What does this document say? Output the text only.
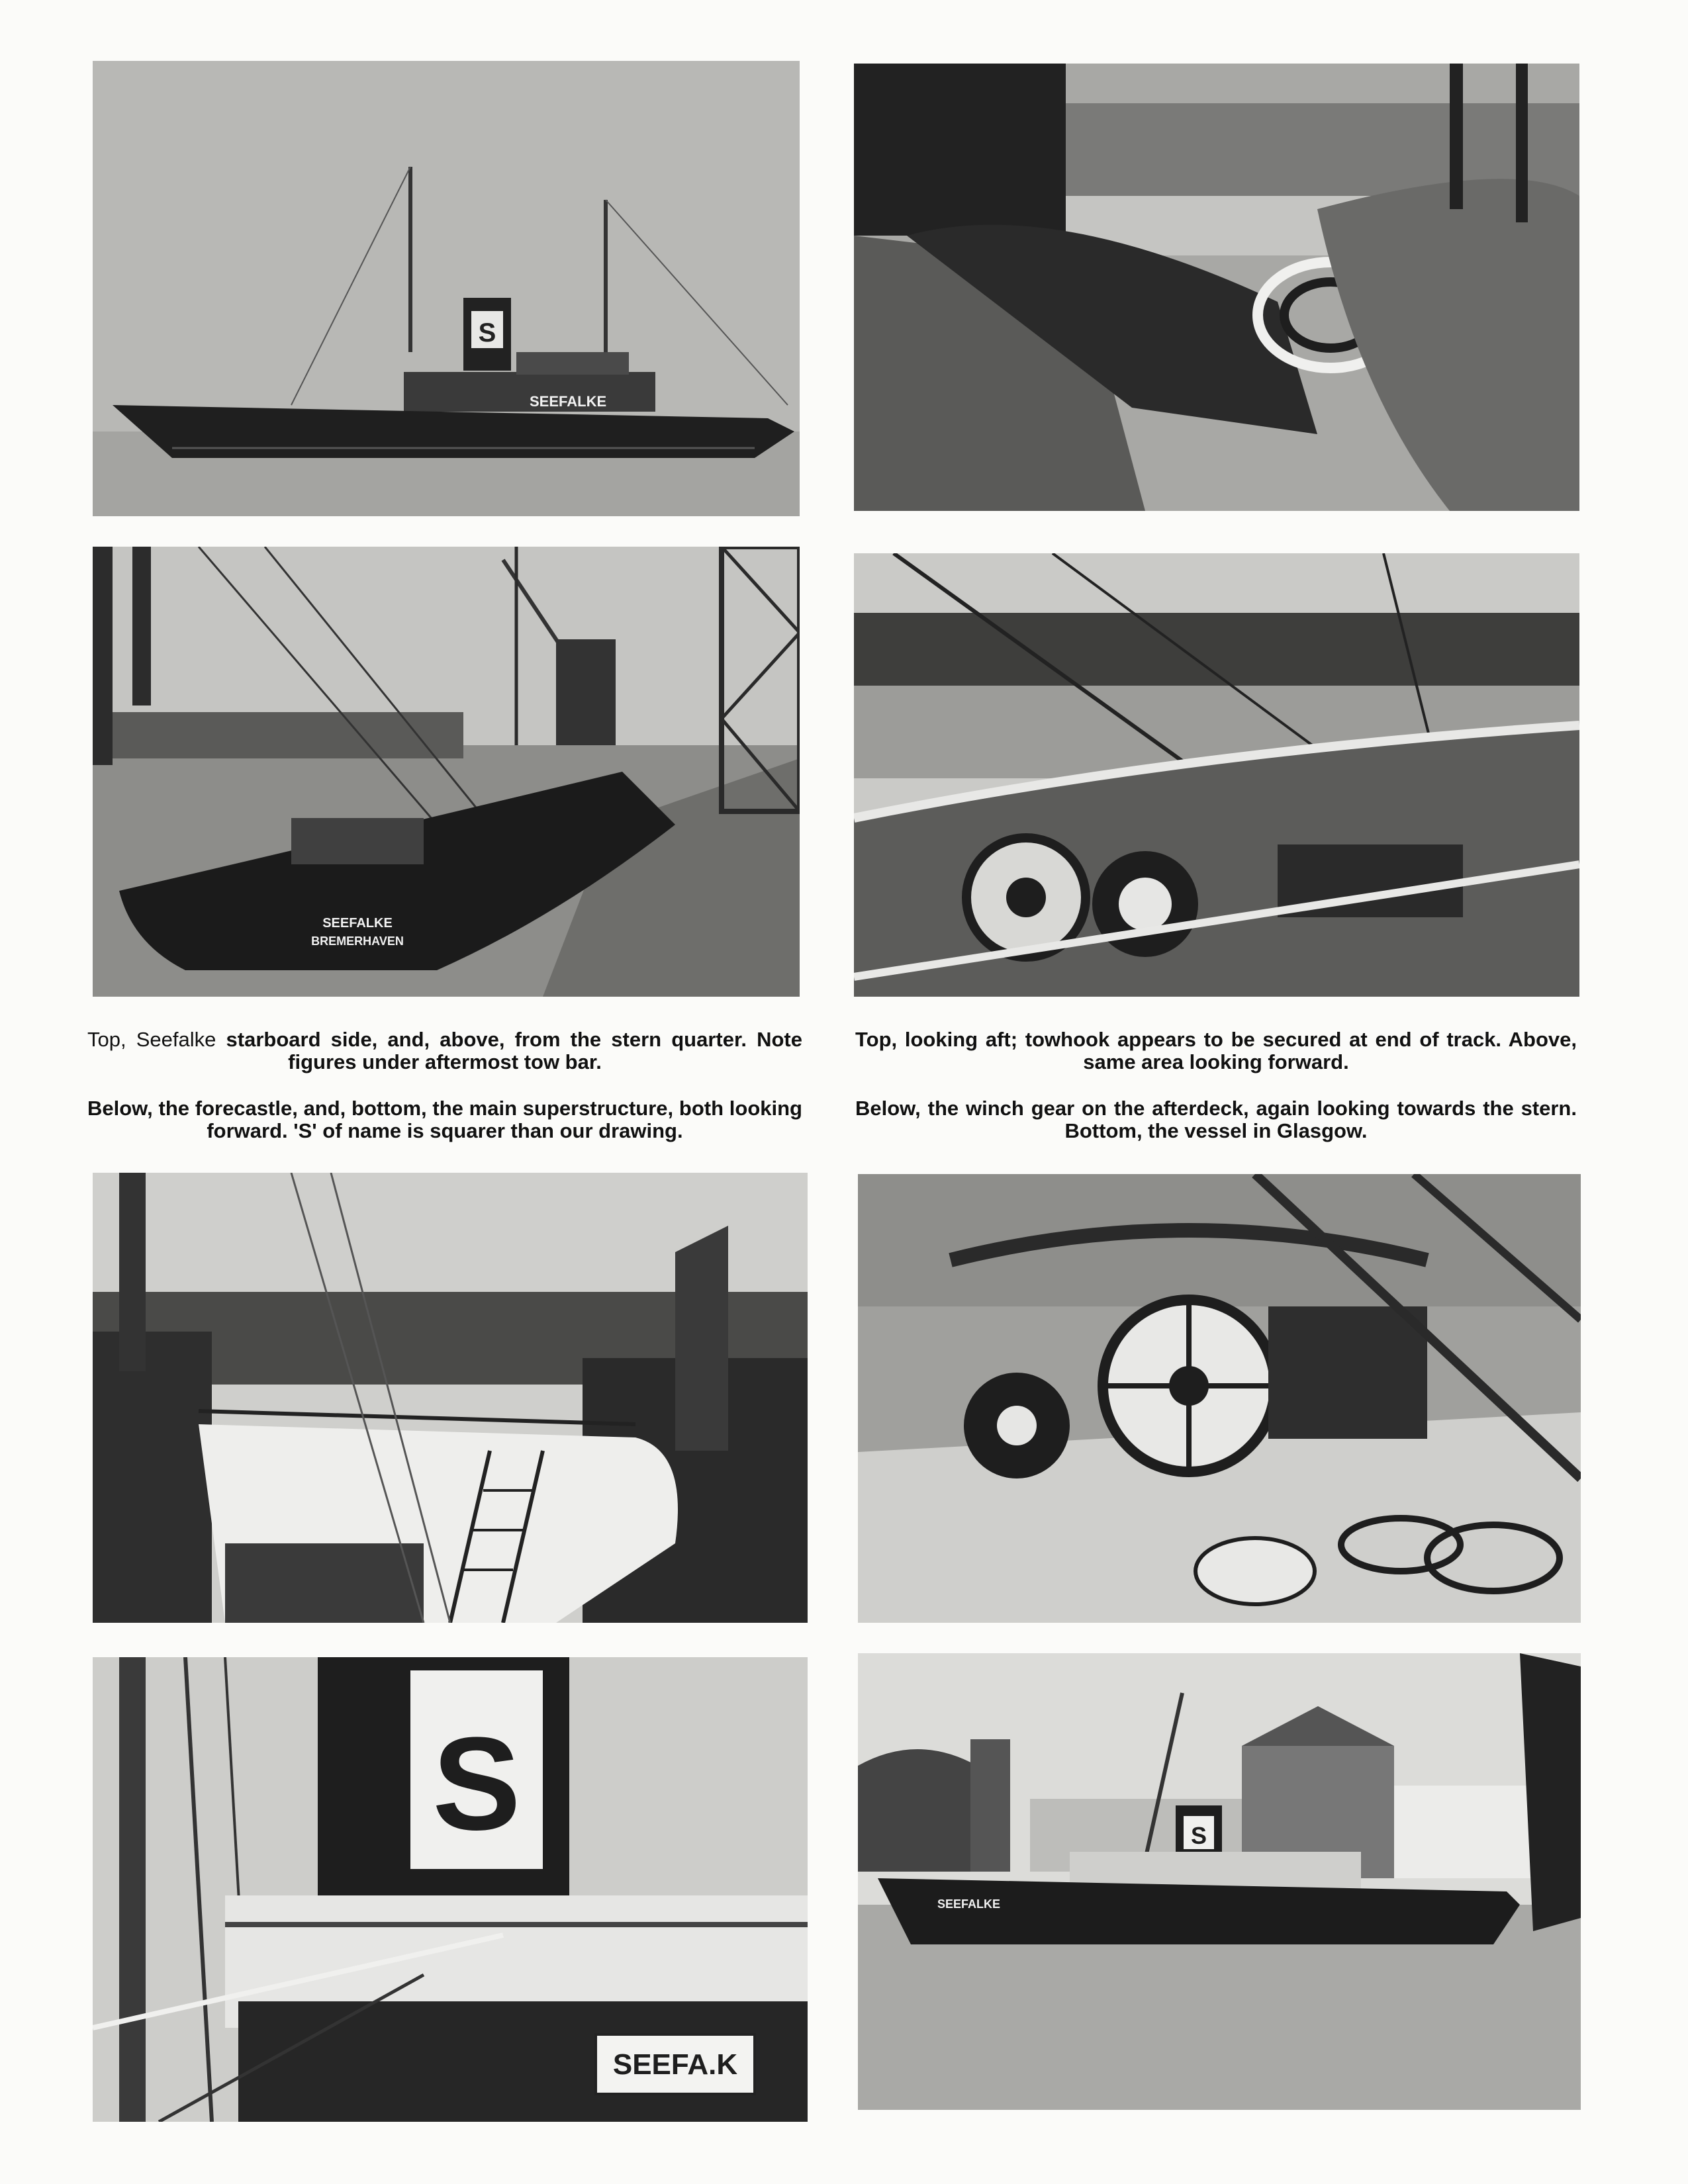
S
SEEFALKE
SEEFALKE
BREMERHAVEN

Top, Seefalke starboard side, and, above, from the stern quarter. Note figures under aftermost tow bar.

Below, the forecastle, and, bottom, the main superstructure, both looking forward. 'S' of name is squarer than our drawing.

S
SEEFA.K

Top, looking aft; towhook appears to be secured at end of track. Above, same area looking forward.

Below, the winch gear on the afterdeck, again looking towards the stern. Bottom, the vessel in Glasgow.

S
SEEFALKE
